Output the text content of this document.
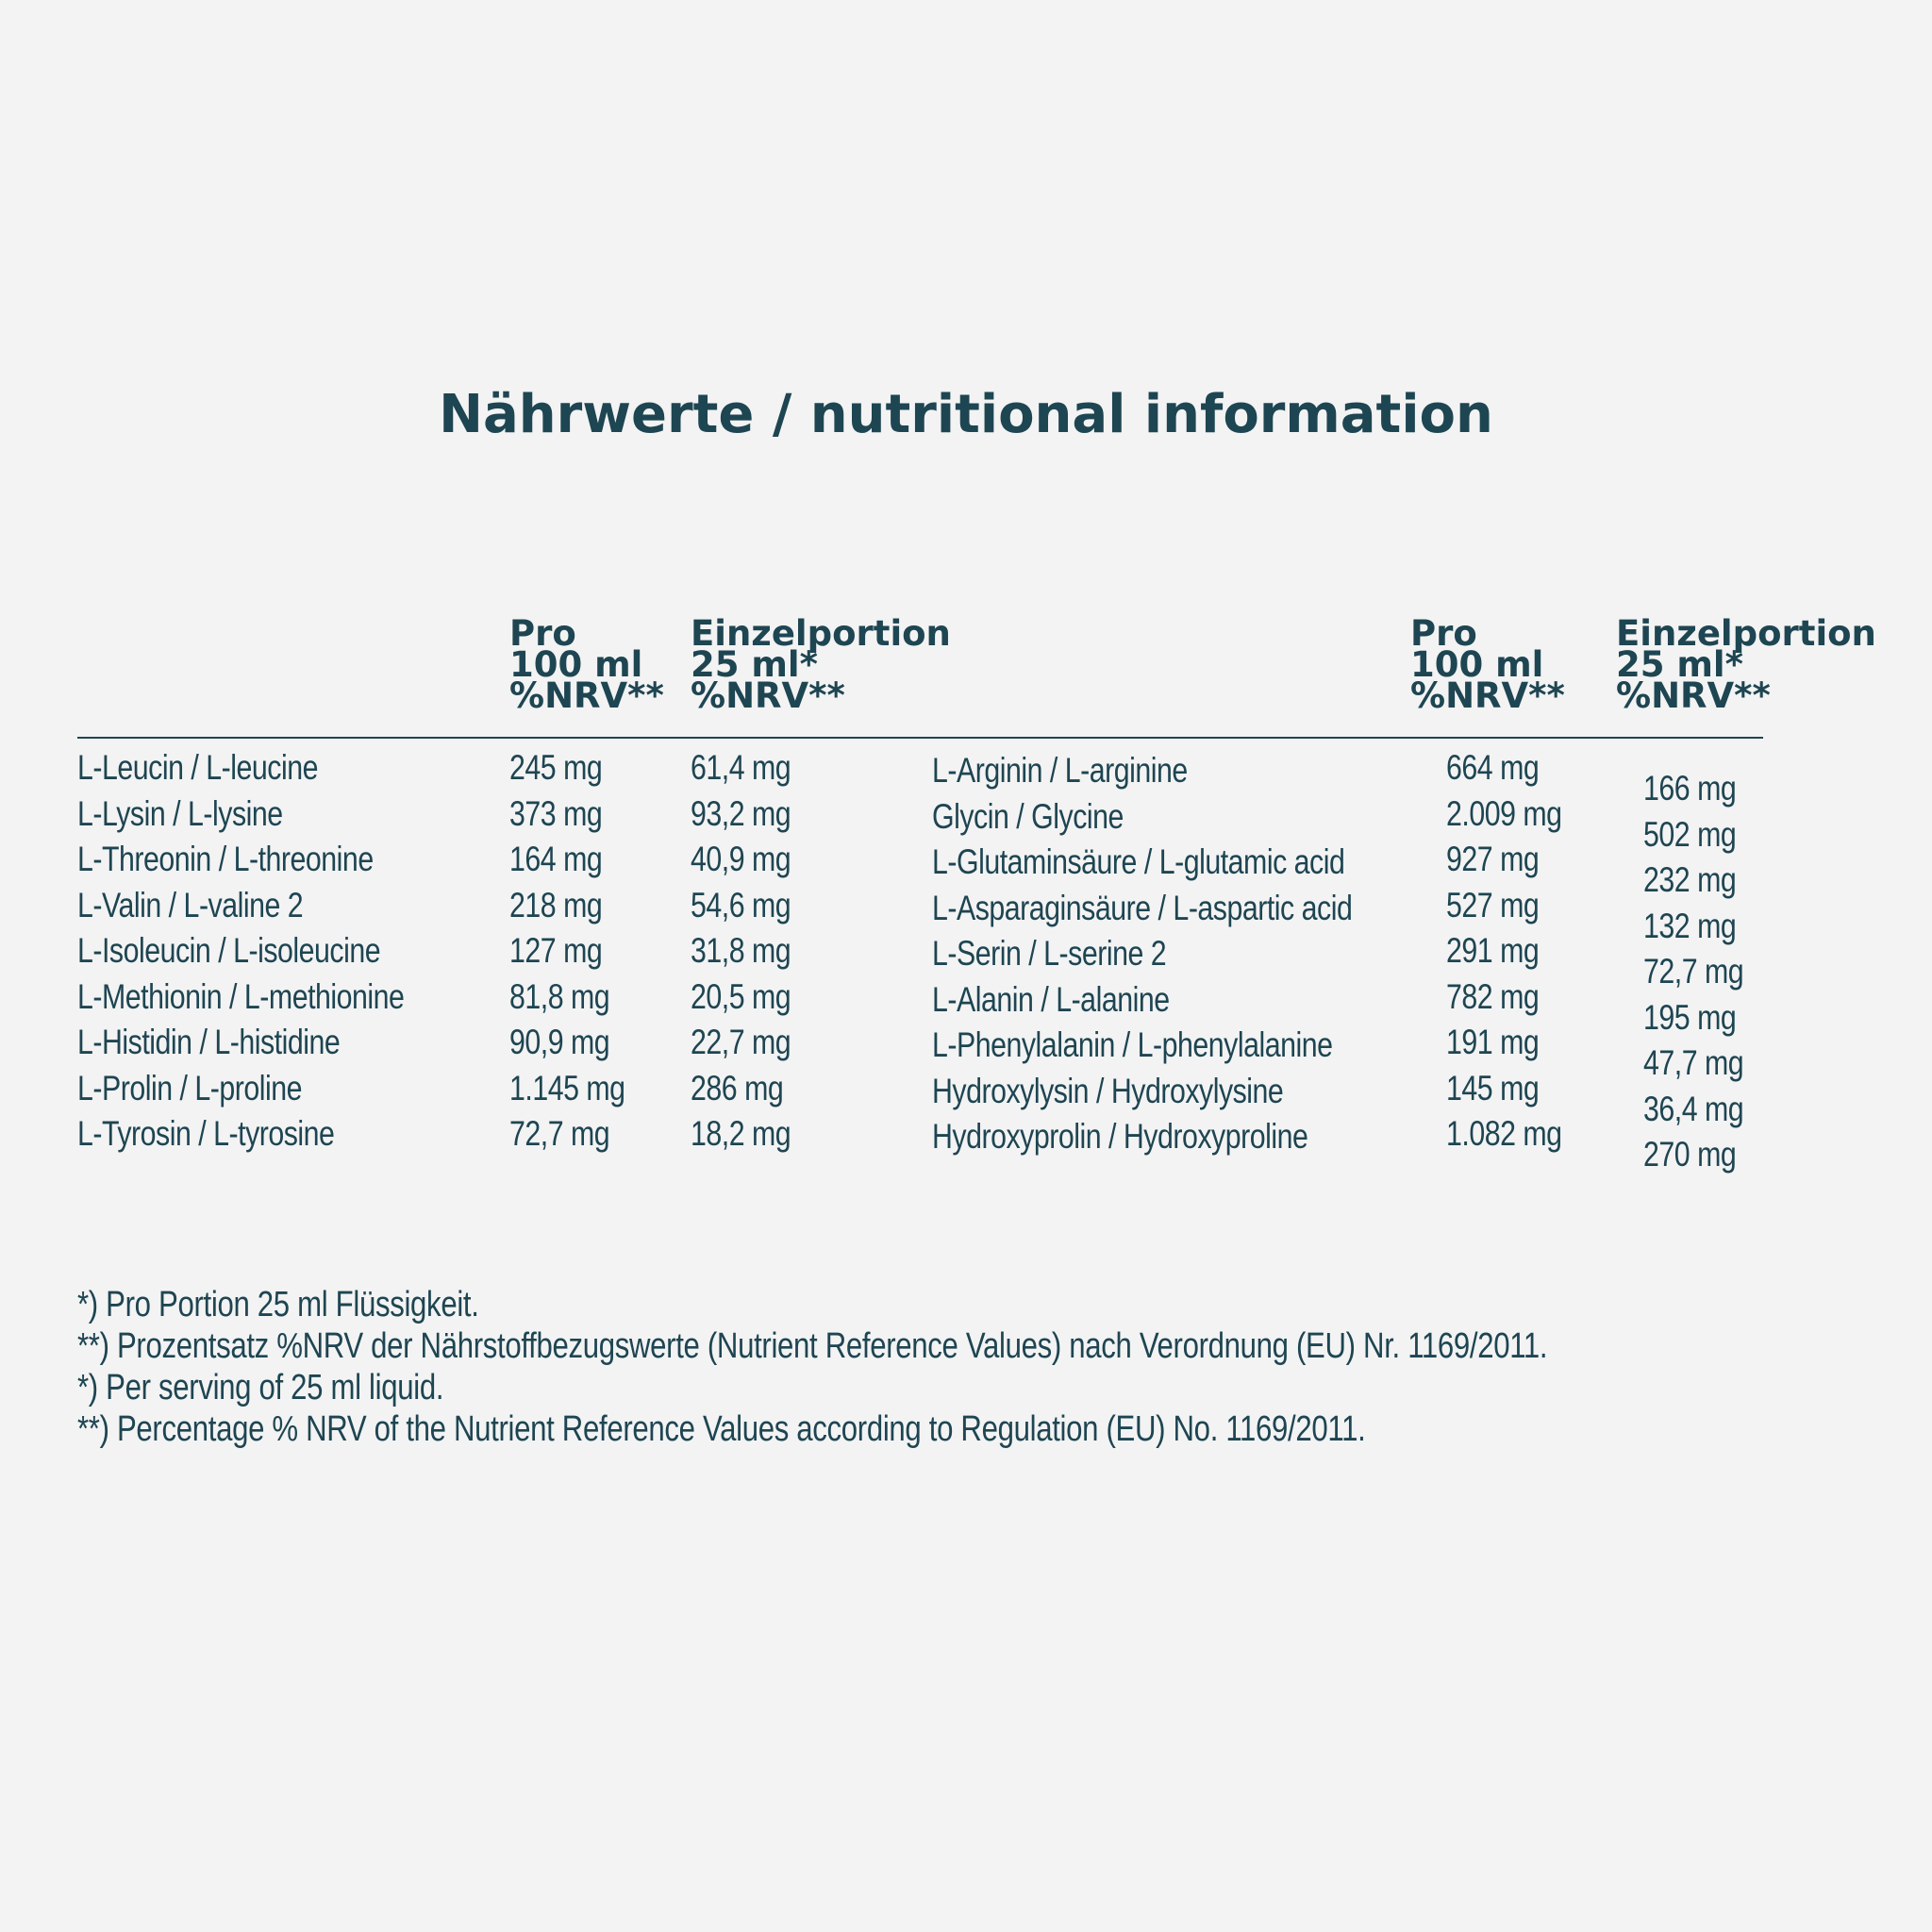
Nährwerte / nutritional information
Pro
100 ml
%NRV**
Einzelportion
25 ml*
%NRV**
Pro
100 ml
%NRV**
Einzelportion
25 ml*
%NRV**
L-Leucin / L-leucine
L-Lysin / L-lysine
L-Threonin / L-threonine
L-Valin / L-valine 2
L-Isoleucin / L-isoleucine
L-Methionin / L-methionine
L-Histidin / L-histidine
L-Prolin / L-proline
L-Tyrosin / L-tyrosine
245 mg
373 mg
164 mg
218 mg
127 mg
81,8 mg
90,9 mg
1.145 mg
72,7 mg
61,4 mg
93,2 mg
40,9 mg
54,6 mg
31,8 mg
20,5 mg
22,7 mg
286 mg
18,2 mg
L-Arginin / L-arginine
Glycin / Glycine
L-Glutaminsäure / L-glutamic acid
L-Asparaginsäure / L-aspartic acid
L-Serin / L-serine 2
L-Alanin / L-alanine
L-Phenylalanin / L-phenylalanine
Hydroxylysin / Hydroxylysine
Hydroxyprolin / Hydroxyproline
664 mg
2.009 mg
927 mg
527 mg
291 mg
782 mg
191 mg
145 mg
1.082 mg
166 mg
502 mg
232 mg
132 mg
72,7 mg
195 mg
47,7 mg
36,4 mg
270 mg
*) Pro Portion 25 ml Flüssigkeit.
**) Prozentsatz %NRV der Nährstoffbezugswerte (Nutrient Reference Values) nach Verordnung (EU) Nr. 1169/2011.
*) Per serving of 25 ml liquid.
**) Percentage % NRV of the Nutrient Reference Values according to Regulation (EU) No. 1169/2011.
